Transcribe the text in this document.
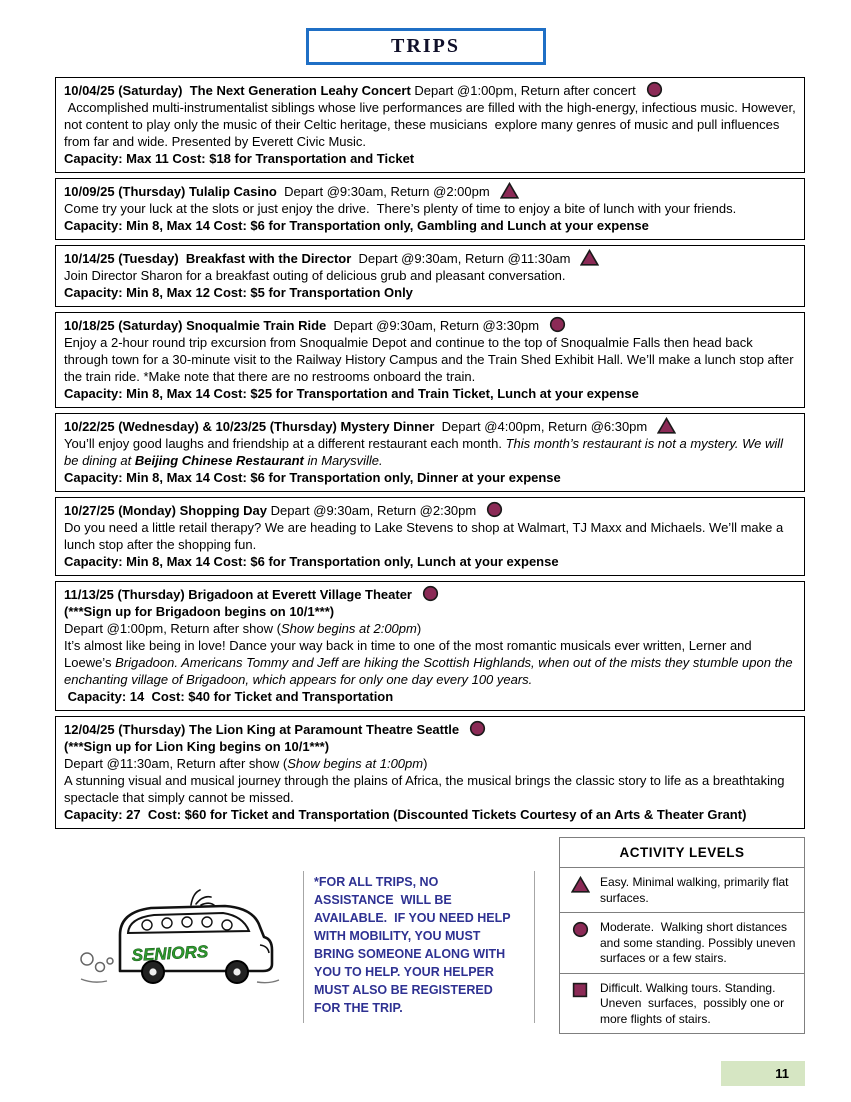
TRIPS
10/04/25 (Saturday)  The Next Generation Leahy Concert Depart @1:00pm, Return after concert
Accomplished multi-instrumentalist siblings whose live performances are filled with the high-energy, infectious music. However, not content to play only the music of their Celtic heritage, these musicians  explore many genres of music and pull influences from far and wide. Presented by Everett Civic Music.
Capacity: Max 11 Cost: $18 for Transportation and Ticket
10/09/25 (Thursday) Tulalip Casino  Depart @9:30am, Return @2:00pm
Come try your luck at the slots or just enjoy the drive.  There’s plenty of time to enjoy a bite of lunch with your friends.
Capacity: Min 8, Max 14 Cost: $6 for Transportation only, Gambling and Lunch at your expense
10/14/25 (Tuesday)  Breakfast with the Director  Depart @9:30am, Return @11:30am
Join Director Sharon for a breakfast outing of delicious grub and pleasant conversation.
Capacity: Min 8, Max 12 Cost: $5 for Transportation Only
10/18/25 (Saturday) Snoqualmie Train Ride  Depart @9:30am, Return @3:30pm
Enjoy a 2-hour round trip excursion from Snoqualmie Depot and continue to the top of Snoqualmie Falls then head back through town for a 30-minute visit to the Railway History Campus and the Train Shed Exhibit Hall. We’ll make a lunch stop after the train ride. *Make note that there are no restrooms onboard the train.
Capacity: Min 8, Max 14 Cost: $25 for Transportation and Train Ticket, Lunch at your expense
10/22/25 (Wednesday) & 10/23/25 (Thursday) Mystery Dinner  Depart @4:00pm, Return @6:30pm
You’ll enjoy good laughs and friendship at a different restaurant each month. This month’s restaurant is not a mystery. We will be dining at Beijing Chinese Restaurant in Marysville.
Capacity: Min 8, Max 14 Cost: $6 for Transportation only, Dinner at your expense
10/27/25 (Monday) Shopping Day Depart @9:30am, Return @2:30pm
Do you need a little retail therapy? We are heading to Lake Stevens to shop at Walmart, TJ Maxx and Michaels. We’ll make a lunch stop after the shopping fun.
Capacity: Min 8, Max 14 Cost: $6 for Transportation only, Lunch at your expense
11/13/25 (Thursday) Brigadoon at Everett Village Theater
(***Sign up for Brigadoon begins on 10/1***)
Depart @1:00pm, Return after show (Show begins at 2:00pm)
It’s almost like being in love! Dance your way back in time to one of the most romantic musicals ever written, Lerner and Loewe’s Brigadoon. Americans Tommy and Jeff are hiking the Scottish Highlands, when out of the mists they stumble upon the enchanting village of Brigadoon, which appears for only one day every 100 years.
Capacity: 14  Cost: $40 for Ticket and Transportation
12/04/25 (Thursday) The Lion King at Paramount Theatre Seattle
(***Sign up for Lion King begins on 10/1***)
Depart @11:30am, Return after show (Show begins at 1:00pm)
A stunning visual and musical journey through the plains of Africa, the musical brings the classic story to life as a breathtaking spectacle that simply cannot be missed.
Capacity: 27  Cost: $60 for Ticket and Transportation (Discounted Tickets Courtesy of an Arts & Theater Grant)
SENIORS
*FOR ALL TRIPS, NO ASSISTANCE  WILL BE AVAILABLE.  IF YOU NEED HELP WITH MOBILITY, YOU MUST BRING SOMEONE ALONG WITH YOU TO HELP. YOUR HELPER MUST ALSO BE REGISTERED FOR THE TRIP.
ACTIVITY LEVELS
Easy. Minimal walking, primarily flat surfaces.
Moderate.  Walking short distances and some standing. Possibly uneven surfaces or a few stairs.
Difficult. Walking tours. Standing. Uneven  surfaces,  possibly one or more flights of stairs.
11
